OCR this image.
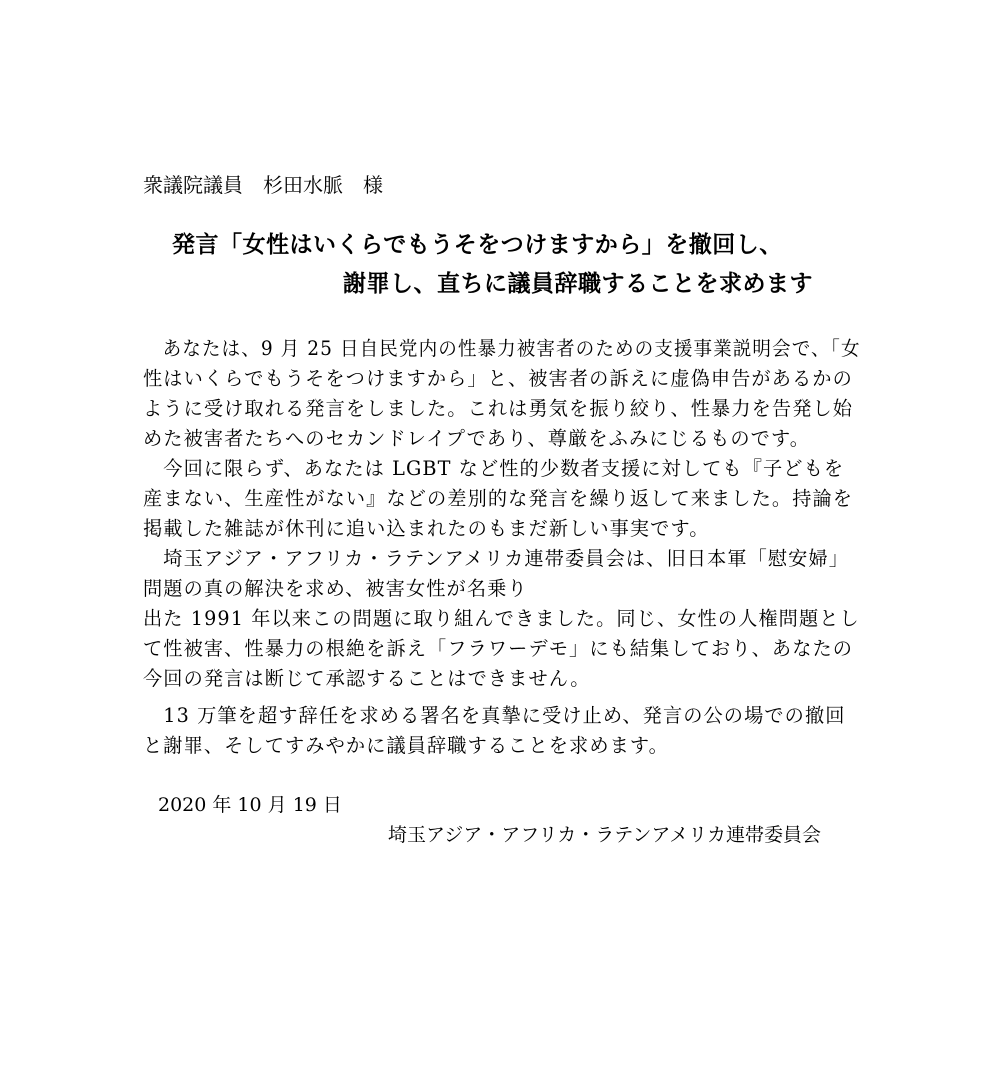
衆議院議員　杉田水脈　様
発言「女性はいくらでもうそをつけますから」を撤回し、
謝罪し、直ちに議員辞職することを求めます
　あなたは、9 月 25 日自民党内の性暴力被害者のための支援事業説明会で、「女
性はいくらでもうそをつけますから」と、被害者の訴えに虚偽申告があるかの
ように受け取れる発言をしました。これは勇気を振り絞り、性暴力を告発し始
めた被害者たちへのセカンドレイプであり、尊厳をふみにじるものです。
　今回に限らず、あなたは LGBT など性的少数者支援に対しても『子どもを
産まない、生産性がない』などの差別的な発言を繰り返して来ました。持論を
掲載した雑誌が休刊に追い込まれたのもまだ新しい事実です。
　埼玉アジア・アフリカ・ラテンアメリカ連帯委員会は、旧日本軍「慰安婦」
問題の真の解決を求め、被害女性が名乗り
出た 1991 年以来この問題に取り組んできました。同じ、女性の人権問題とし
て性被害、性暴力の根絶を訴え「フラワーデモ」にも結集しており、あなたの
今回の発言は断じて承認することはできません。
　13 万筆を超す辞任を求める署名を真摯に受け止め、発言の公の場での撤回
と謝罪、そしてすみやかに議員辞職することを求めます。
2020 年 10 月 19 日
埼玉アジア・アフリカ・ラテンアメリカ連帯委員会
